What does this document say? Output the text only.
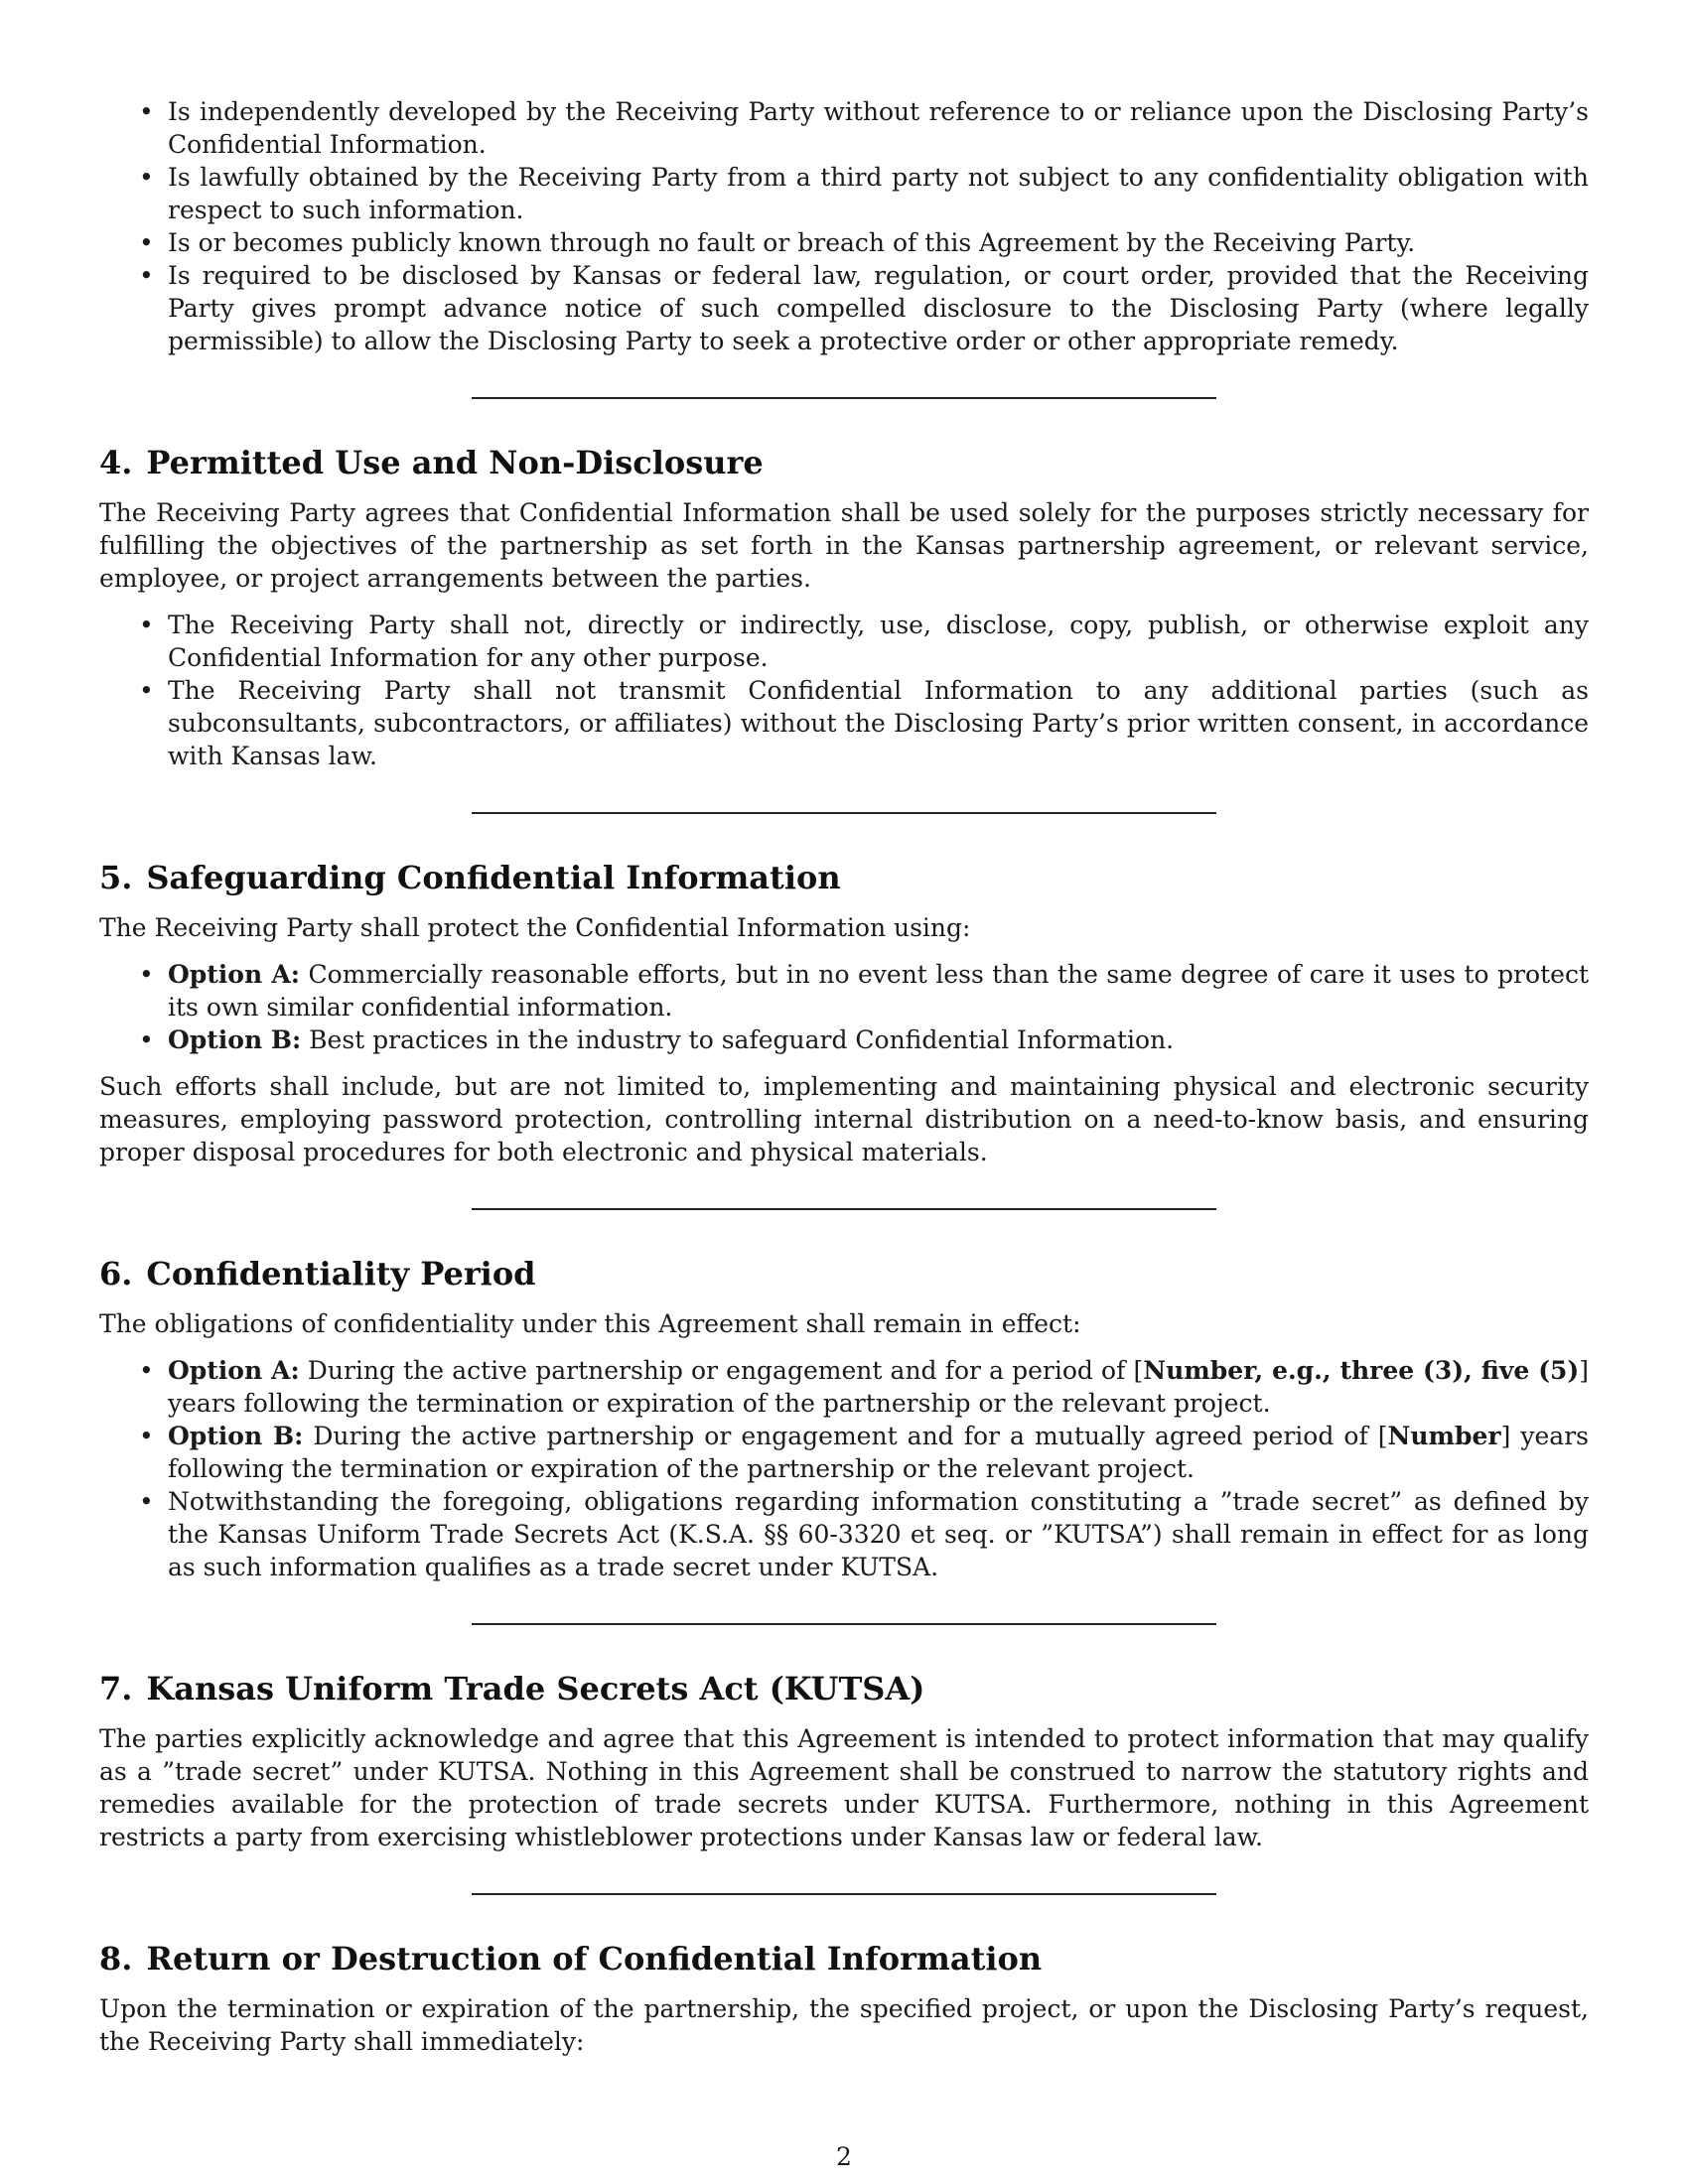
• Is independently developed by the Receiving Party without reference to or reliance upon the Disclosing Party’s Confidential Information.
• Is lawfully obtained by the Receiving Party from a third party not subject to any confidentiality obligation with respect to such information.
• Is or becomes publicly known through no fault or breach of this Agreement by the Receiving Party.
• Is required to be disclosed by Kansas or federal law, regulation, or court order, provided that the Receiving Party gives prompt advance notice of such compelled disclosure to the Disclosing Party (where legally permissible) to allow the Disclosing Party to seek a protective order or other appropriate remedy.
4. Permitted Use and Non-Disclosure

The Receiving Party agrees that Confidential Information shall be used solely for the purposes strictly necessary for fulfilling the objectives of the partnership as set forth in the Kansas partnership agreement, or relevant service, employee, or project arrangements between the parties.

• The Receiving Party shall not, directly or indirectly, use, disclose, copy, publish, or otherwise exploit any Confidential Information for any other purpose.
• The Receiving Party shall not transmit Confidential Information to any additional parties (such as subconsultants, subcontractors, or affiliates) without the Disclosing Party’s prior written consent, in accordance with Kansas law.
5. Safeguarding Confidential Information

The Receiving Party shall protect the Confidential Information using:

• Option A: Commercially reasonable efforts, but in no event less than the same degree of care it uses to protect its own similar confidential information.
• Option B: Best practices in the industry to safeguard Confidential Information.

Such efforts shall include, but are not limited to, implementing and maintaining physical and electronic security measures, employing password protection, controlling internal distribution on a need-to-know basis, and ensuring proper disposal procedures for both electronic and physical materials.

6. Confidentiality Period

The obligations of confidentiality under this Agreement shall remain in effect:

• Option A: During the active partnership or engagement and for a period of [Number, e.g., three (3), five (5)] years following the termination or expiration of the partnership or the relevant project.
• Option B: During the active partnership or engagement and for a mutually agreed period of [Number] years following the termination or expiration of the partnership or the relevant project.
• Notwithstanding the foregoing, obligations regarding information constituting a ”trade secret” as defined by the Kansas Uniform Trade Secrets Act (K.S.A. §§ 60-3320 et seq. or ”KUTSA”) shall remain in effect for as long as such information qualifies as a trade secret under KUTSA.
7. Kansas Uniform Trade Secrets Act (KUTSA)

The parties explicitly acknowledge and agree that this Agreement is intended to protect information that may qualify as a ”trade secret” under KUTSA. Nothing in this Agreement shall be construed to narrow the statutory rights and remedies available for the protection of trade secrets under KUTSA. Furthermore, nothing in this Agreement restricts a party from exercising whistleblower protections under Kansas law or federal law.

8. Return or Destruction of Confidential Information

Upon the termination or expiration of the partnership, the specified project, or upon the Disclosing Party’s request, the Receiving Party shall immediately:

2
